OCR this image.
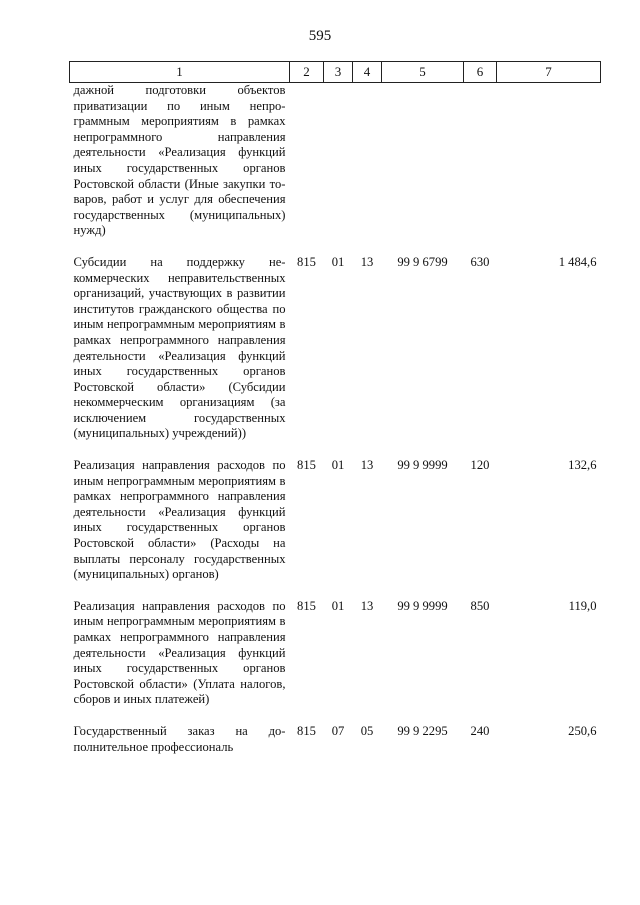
595
1	2	3	4	5	6	7
дажной подготовки объектов приватизации по иным непрограммным мероприятиям в рамках непрограммного направления деятельности «Реализация функций иных государственных органов Ростовской области (Иные закупки товаров, работ и услуг для обеспечения государственных (муниципальных) нужд)						

Субсидии на поддержку некоммерческих неправительственных организаций, участвующих в развитии институтов гражданского общества по иным непрограммным мероприятиям в рамках непрограммного направления деятельности «Реализация функций иных государственных органов Ростовской области» (Субсидии некоммерческим организациям (за исключением государственных (муниципальных) учреждений))	815	01	13	99 9 6799	630	1 484,6

Реализация направления расходов по иным непрограммным мероприятиям в рамках непрограммного направления деятельности «Реализация функций иных государственных органов Ростовской области» (Расходы на выплаты персоналу государственных (муниципальных) органов)	815	01	13	99 9 9999	120	132,6

Реализация направления расходов по иным непрограммным мероприятиям в рамках непрограммного направления деятельности «Реализация функций иных государственных органов Ростовской области» (Уплата налогов, сборов и иных платежей)	815	01	13	99 9 9999	850	119,0

Государственный заказ на дополнительное профессиональ	815	07	05	99 9 2295	240	250,6
